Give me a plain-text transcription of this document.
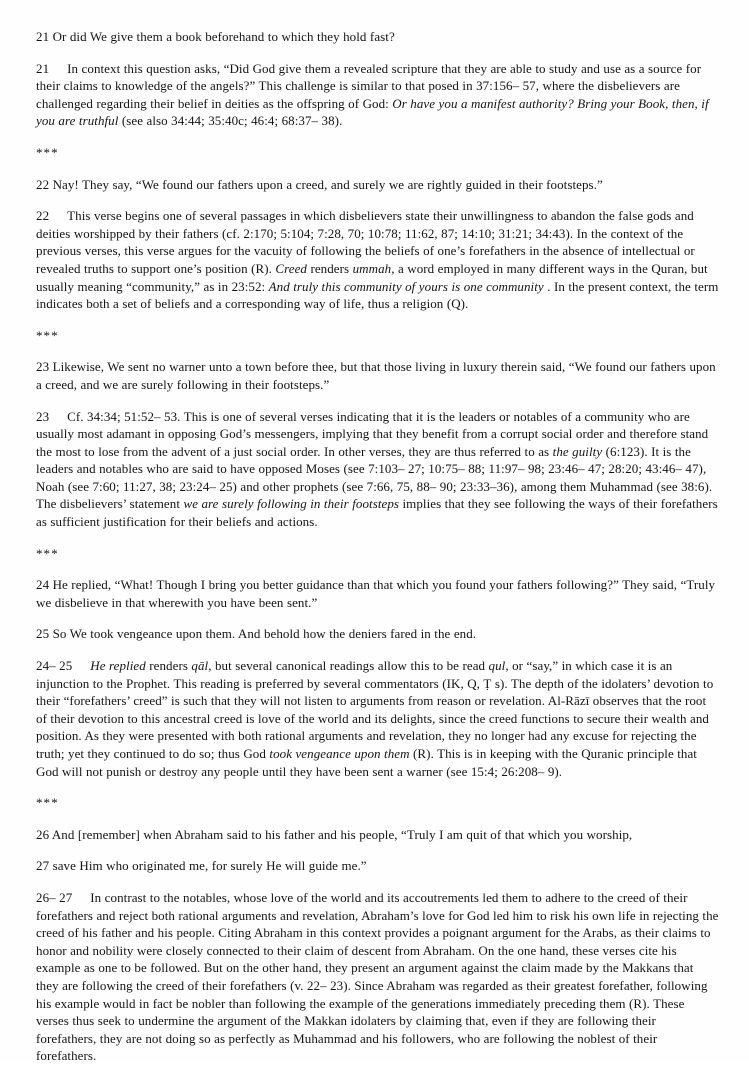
21 Or did We give them a book beforehand to which they hold fast?

21 In context this question asks, “Did God give them a revealed scripture that they are able to study and use as a source for their claims to knowledge of the angels?” This challenge is similar to that posed in 37:156– 57, where the disbelievers are challenged regarding their belief in deities as the offspring of God: Or have you a manifest authority? Bring your Book, then, if you are truthful (see also 34:44; 35:40c; 46:4; 68:37– 38).

***

22 Nay! They say, “We found our fathers upon a creed, and surely we are rightly guided in their footsteps.”

22 This verse begins one of several passages in which disbelievers state their unwillingness to abandon the false gods and deities worshipped by their fathers (cf. 2:170; 5:104; 7:28, 70; 10:78; 11:62, 87; 14:10; 31:21; 34:43). In the context of the previous verses, this verse argues for the vacuity of following the beliefs of one’s forefathers in the absence of intellectual or revealed truths to support one’s position (R). Creed renders ummah, a word employed in many different ways in the Quran, but usually meaning “community,” as in 23:52: And truly this community of yours is one community . In the present context, the term indicates both a set of beliefs and a corresponding way of life, thus a religion (Q).

***

23 Likewise, We sent no warner unto a town before thee, but that those living in luxury therein said, “We found our fathers upon a creed, and we are surely following in their footsteps.”

23 Cf. 34:34; 51:52– 53. This is one of several verses indicating that it is the leaders or notables of a community who are usually most adamant in opposing God’s messengers, implying that they benefit from a corrupt social order and therefore stand the most to lose from the advent of a just social order. In other verses, they are thus referred to as the guilty (6:123). It is the leaders and notables who are said to have opposed Moses (see 7:103– 27; 10:75– 88; 11:97– 98; 23:46– 47; 28:20; 43:46– 47), Noah (see 7:60; 11:27, 38; 23:24– 25) and other prophets (see 7:66, 75, 88– 90; 23:33–36), among them Muhammad (see 38:6). The disbelievers’ statement we are surely following in their footsteps implies that they see following the ways of their forefathers as sufficient justification for their beliefs and actions.

***

24 He replied, “What! Though I bring you better guidance than that which you found your fathers following?” They said, “Truly we disbelieve in that wherewith you have been sent.”

25 So We took vengeance upon them. And behold how the deniers fared in the end.

24– 25 He replied renders qāl, but several canonical readings allow this to be read qul, or “say,” in which case it is an injunction to the Prophet. This reading is preferred by several commentators (IK, Q, Ṭ s). The depth of the idolaters’ devotion to their “forefathers’ creed” is such that they will not listen to arguments from reason or revelation. Al-Rāzī observes that the root of their devotion to this ancestral creed is love of the world and its delights, since the creed functions to secure their wealth and position. As they were presented with both rational arguments and revelation, they no longer had any excuse for rejecting the truth; yet they continued to do so; thus God took vengeance upon them (R). This is in keeping with the Quranic principle that God will not punish or destroy any people until they have been sent a warner (see 15:4; 26:208– 9).

***

26 And [remember] when Abraham said to his father and his people, “Truly I am quit of that which you worship,

27 save Him who originated me, for surely He will guide me.”

26– 27 In contrast to the notables, whose love of the world and its accoutrements led them to adhere to the creed of their forefathers and reject both rational arguments and revelation, Abraham’s love for God led him to risk his own life in rejecting the creed of his father and his people. Citing Abraham in this context provides a poignant argument for the Arabs, as their claims to honor and nobility were closely connected to their claim of descent from Abraham. On the one hand, these verses cite his example as one to be followed. But on the other hand, they present an argument against the claim made by the Makkans that they are following the creed of their forefathers (v. 22– 23). Since Abraham was regarded as their greatest forefather, following his example would in fact be nobler than following the example of the generations immediately preceding them (R). These verses thus seek to undermine the argument of the Makkan idolaters by claiming that, even if they are following their forefathers, they are not doing so as perfectly as Muhammad and his followers, who are following the noblest of their forefathers.
